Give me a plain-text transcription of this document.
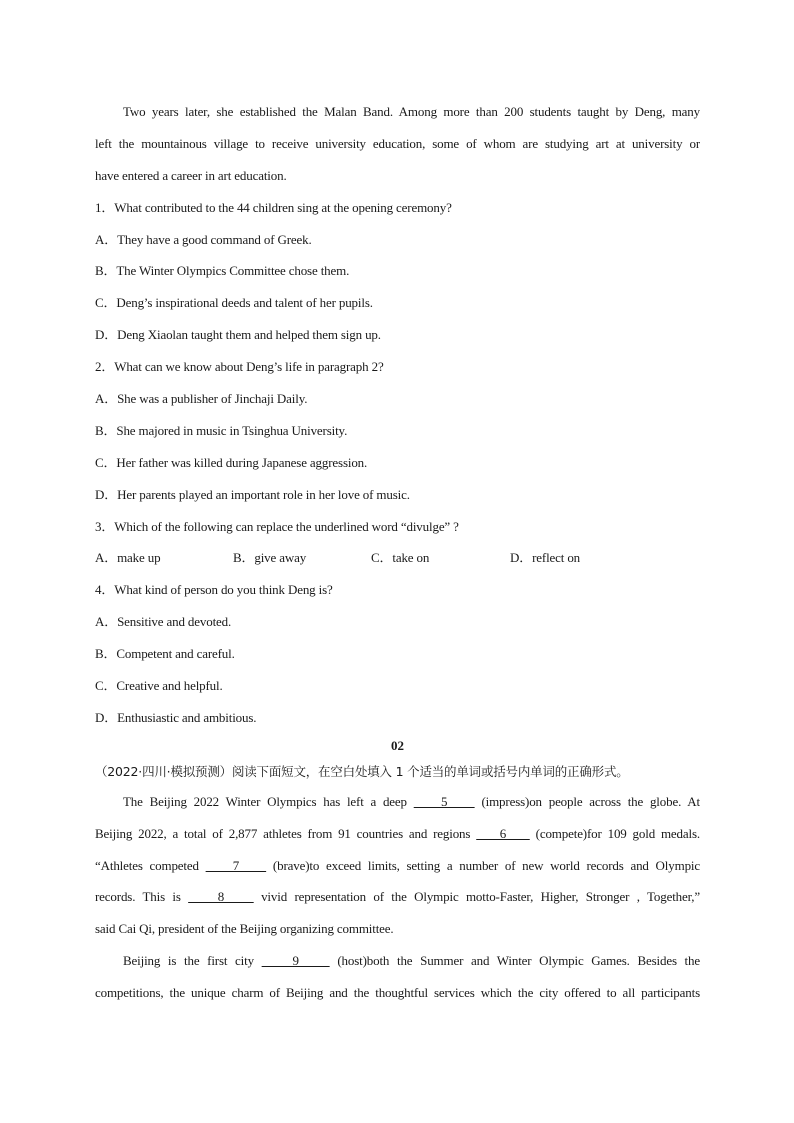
Two years later, she established the Malan Band. Among more than 200 students taught by Deng, many
left the mountainous village to receive university education, some of whom are studying art at university or
have entered a career in art education.
1．What contributed to the 44 children sing at the opening ceremony?
A．They have a good command of Greek.
B．The Winter Olympics Committee chose them.
C．Deng’s inspirational deeds and talent of her pupils.
D．Deng Xiaolan taught them and helped them sign up.
2．What can we know about Deng’s life in paragraph 2?
A．She was a publisher of Jinchaji Daily.
B．She majored in music in Tsinghua University.
C．Her father was killed during Japanese aggression.
D．Her parents played an important role in her love of music.
3．Which of the following can replace the underlined word “divulge” ?
A．make up	B．give away	C．take on	D．reflect on
4．What kind of person do you think Deng is?
A．Sensitive and devoted.
B．Competent and careful.
C．Creative and helpful.
D．Enthusiastic and ambitious.
02
（2022·四川·模拟预测）阅读下面短文，在空白处填入 1 个适当的单词或括号内单词的正确形式。
The Beijing 2022 Winter Olympics has left a deep     5     (impress)on people across the globe. At
Beijing 2022, a total of 2,877 athletes from 91 countries and regions     6     (compete)for 109 gold medals.
“Athletes competed     7     (brave)to exceed limits, setting a number of new world records and Olympic
records. This is     8     vivid representation of the Olympic motto-Faster, Higher, Stronger , Together,”
said Cai Qi, president of the Beijing organizing committee.
Beijing is the first city     9     (host)both the Summer and Winter Olympic Games. Besides the
competitions, the unique charm of Beijing and the thoughtful services which the city offered to all participants
